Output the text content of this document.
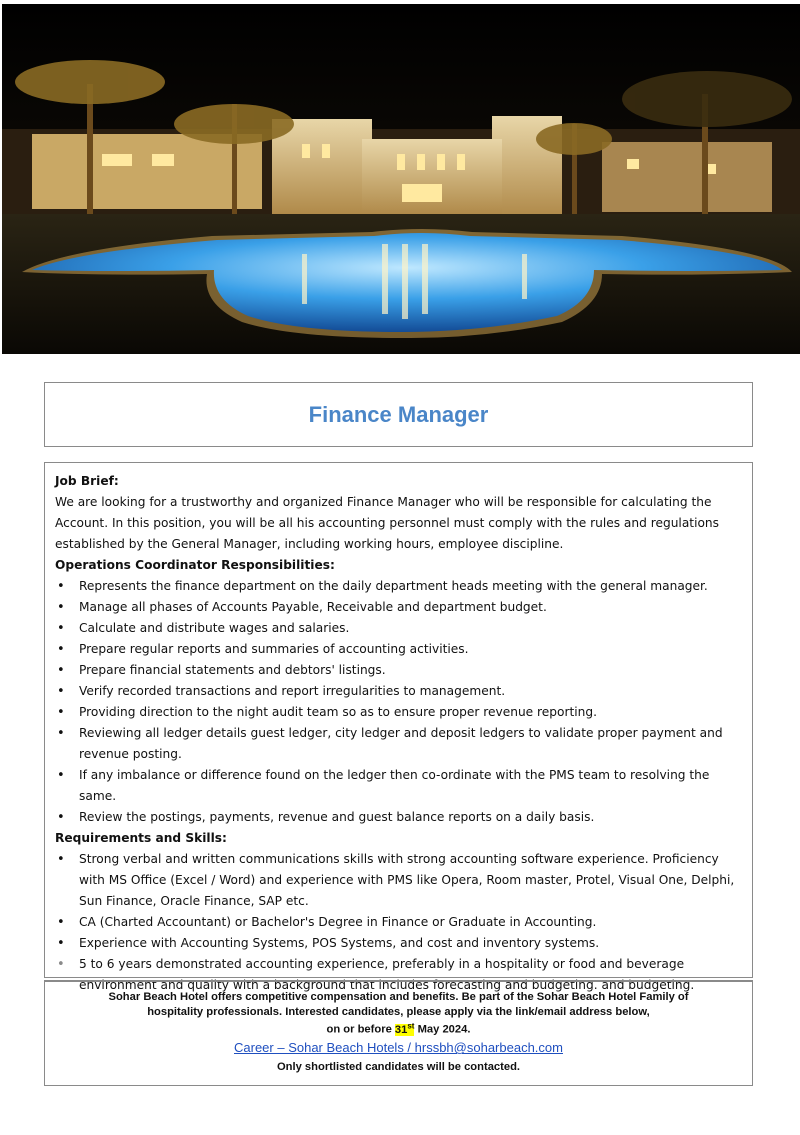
Finance Manager
Job Brief:
We are looking for a trustworthy and organized Finance Manager who will be responsible for calculating the
Account. In this position, you will be all his accounting personnel must comply with the rules and regulations
established by the General Manager, including working hours, employee discipline.
Operations Coordinator Responsibilities:
• Represents the finance department on the daily department heads meeting with the general manager.
• Manage all phases of Accounts Payable, Receivable and department budget.
• Calculate and distribute wages and salaries.
• Prepare regular reports and summaries of accounting activities.
• Prepare financial statements and debtors' listings.
• Verify recorded transactions and report irregularities to management.
• Providing direction to the night audit team so as to ensure proper revenue reporting.
• Reviewing all ledger details guest ledger, city ledger and deposit ledgers to validate proper payment and revenue posting.
• If any imbalance or difference found on the ledger then co-ordinate with the PMS team to resolving the same.
• Review the postings, payments, revenue and guest balance reports on a daily basis.
Requirements and Skills:
• Strong verbal and written communications skills with strong accounting software experience. Proficiency with MS Office (Excel / Word) and experience with PMS like Opera, Room master, Protel, Visual One, Delphi, Sun Finance, Oracle Finance, SAP etc.
• CA (Charted Accountant) or Bachelor's Degree in Finance or Graduate in Accounting.
• Experience with Accounting Systems, POS Systems, and cost and inventory systems.
• 5 to 6 years demonstrated accounting experience, preferably in a hospitality or food and beverage environment and quality with a background that includes forecasting and budgeting. and budgeting.
Sohar Beach Hotel offers competitive compensation and benefits. Be part of the Sohar Beach Hotel Family of
hospitality professionals. Interested candidates, please apply via the link/email address below,
on or before 31st May 2024.
Career – Sohar Beach Hotels / hrssbh@soharbeach.com
Only shortlisted candidates will be contacted.
